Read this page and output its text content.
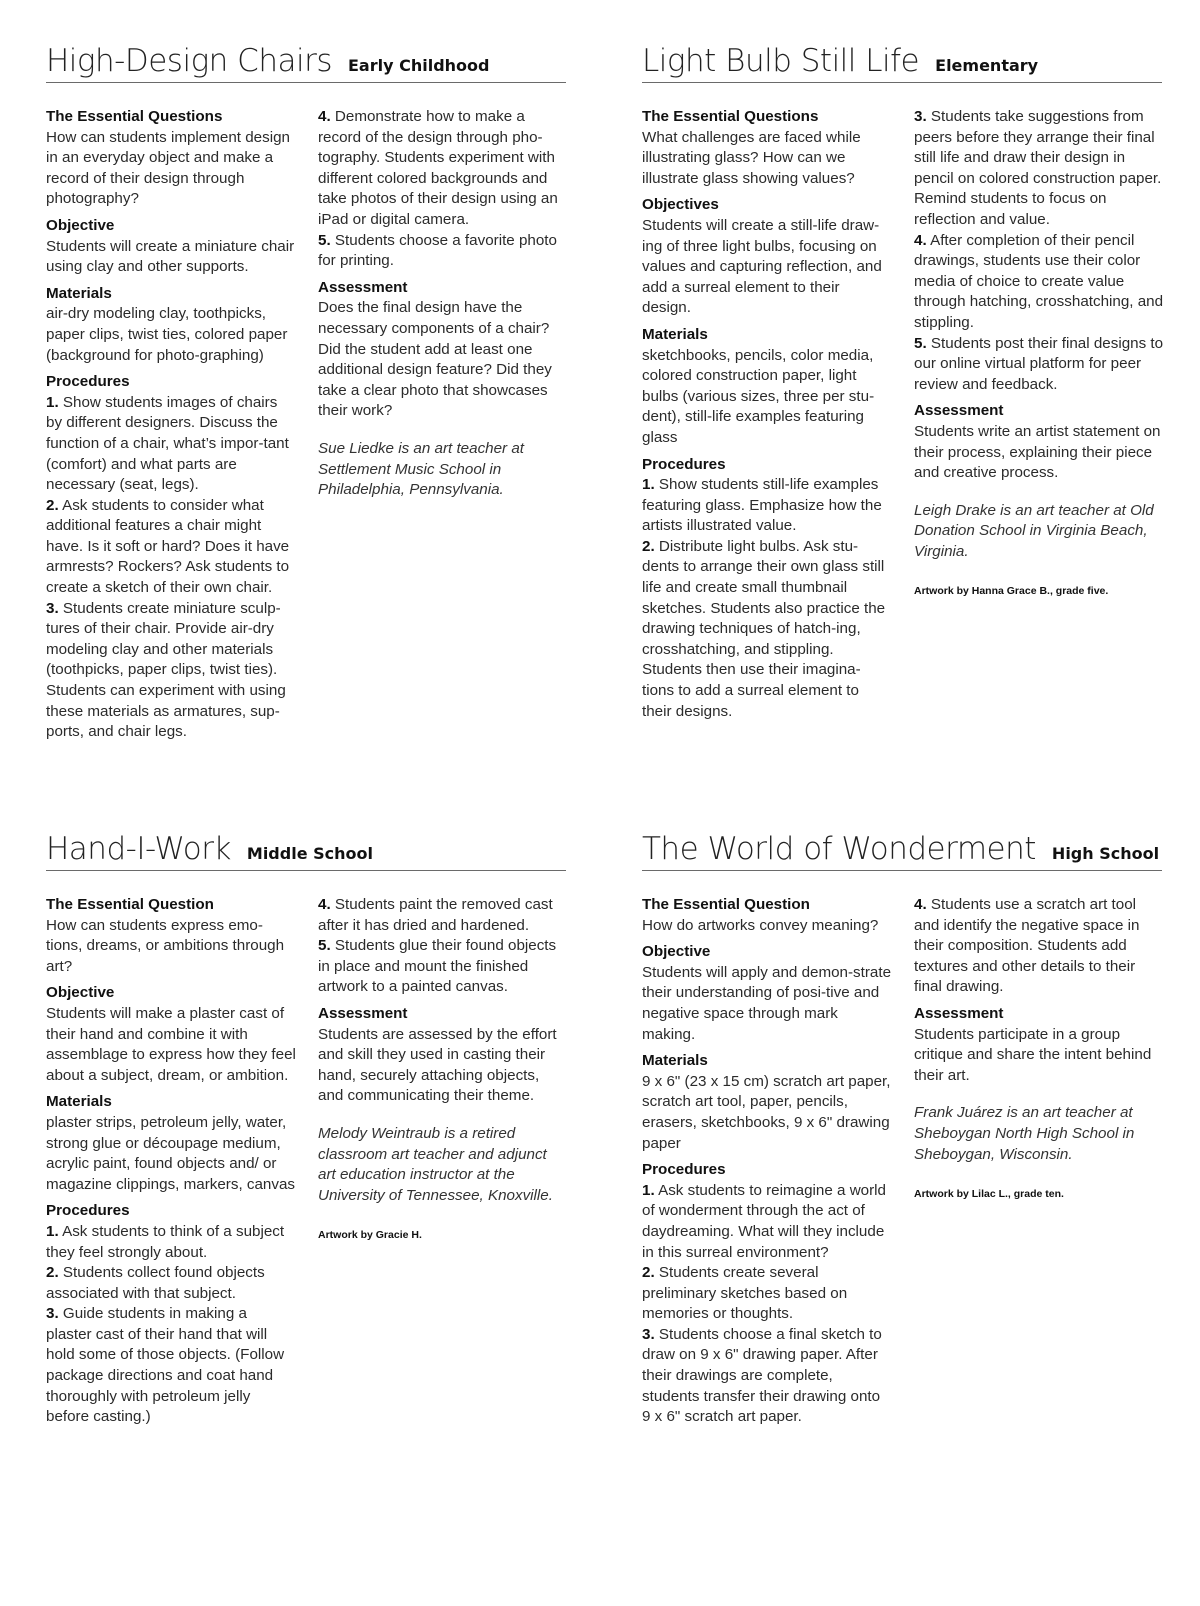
High-Design Chairs Early Childhood
The Essential Questions
How can students implement design in an everyday object and make a record of their design through photography?
Objective
Students will create a miniature chair using clay and other supports.
Materials
air-dry modeling clay, toothpicks, paper clips, twist ties, colored paper (background for photo-graphing)
Procedures
1. Show students images of chairs by different designers. Discuss the function of a chair, what’s impor-tant (comfort) and what parts are necessary (seat, legs).
2. Ask students to consider what additional features a chair might have. Is it soft or hard? Does it have armrests? Rockers? Ask students to create a sketch of their own chair.
3. Students create miniature sculp-tures of their chair. Provide air-dry modeling clay and other materials (toothpicks, paper clips, twist ties). Students can experiment with using these materials as armatures, sup-ports, and chair legs.
4. Demonstrate how to make a record of the design through pho-tography. Students experiment with different colored backgrounds and take photos of their design using an iPad or digital camera.
5. Students choose a favorite photo for printing.
Assessment
Does the final design have the necessary components of a chair? Did the student add at least one additional design feature? Did they take a clear photo that showcases their work?
Sue Liedke is an art teacher at Settlement Music School in Philadelphia, Pennsylvania.
Light Bulb Still Life Elementary
The Essential Questions
What challenges are faced while illustrating glass? How can we illustrate glass showing values?
Objectives
Students will create a still-life draw-ing of three light bulbs, focusing on values and capturing reflection, and add a surreal element to their design.
Materials
sketchbooks, pencils, color media, colored construction paper, light bulbs (various sizes, three per stu-dent), still-life examples featuring glass
Procedures
1. Show students still-life examples featuring glass. Emphasize how the artists illustrated value.
2. Distribute light bulbs. Ask stu-dents to arrange their own glass still life and create small thumbnail sketches. Students also practice the drawing techniques of hatch-ing, crosshatching, and stippling. Students then use their imagina-tions to add a surreal element to their designs.
3. Students take suggestions from peers before they arrange their final still life and draw their design in pencil on colored construction paper. Remind students to focus on reflection and value.
4. After completion of their pencil drawings, students use their color media of choice to create value through hatching, crosshatching, and stippling.
5. Students post their final designs to our online virtual platform for peer review and feedback.
Assessment
Students write an artist statement on their process, explaining their piece and creative process.
Leigh Drake is an art teacher at Old Donation School in Virginia Beach, Virginia.
Artwork by Hanna Grace B., grade five.
Hand-I-Work Middle School
The Essential Question
How can students express emo-tions, dreams, or ambitions through art?
Objective
Students will make a plaster cast of their hand and combine it with assemblage to express how they feel about a subject, dream, or ambition.
Materials
plaster strips, petroleum jelly, water, strong glue or découpage medium, acrylic paint, found objects and/ or magazine clippings, markers, canvas
Procedures
1. Ask students to think of a subject they feel strongly about.
2. Students collect found objects associated with that subject.
3. Guide students in making a plaster cast of their hand that will hold some of those objects. (Follow package directions and coat hand thoroughly with petroleum jelly before casting.)
4. Students paint the removed cast after it has dried and hardened.
5. Students glue their found objects in place and mount the finished artwork to a painted canvas.
Assessment
Students are assessed by the effort and skill they used in casting their hand, securely attaching objects, and communicating their theme.
Melody Weintraub is a retired classroom art teacher and adjunct art education instructor at the University of Tennessee, Knoxville.
Artwork by Gracie H.
The World of Wonderment High School
The Essential Question
How do artworks convey meaning?
Objective
Students will apply and demon-strate their understanding of posi-tive and negative space through mark making.
Materials
9 x 6" (23 x 15 cm) scratch art paper, scratch art tool, paper, pencils, erasers, sketchbooks, 9 x 6" drawing paper
Procedures
1. Ask students to reimagine a world of wonderment through the act of daydreaming. What will they include in this surreal environment?
2. Students create several preliminary sketches based on memories or thoughts.
3. Students choose a final sketch to draw on 9 x 6" drawing paper. After their drawings are complete, students transfer their drawing onto 9 x 6" scratch art paper.
4. Students use a scratch art tool and identify the negative space in their composition. Students add textures and other details to their final drawing.
Assessment
Students participate in a group critique and share the intent behind their art.
Frank Juárez is an art teacher at Sheboygan North High School in Sheboygan, Wisconsin.
Artwork by Lilac L., grade ten.
